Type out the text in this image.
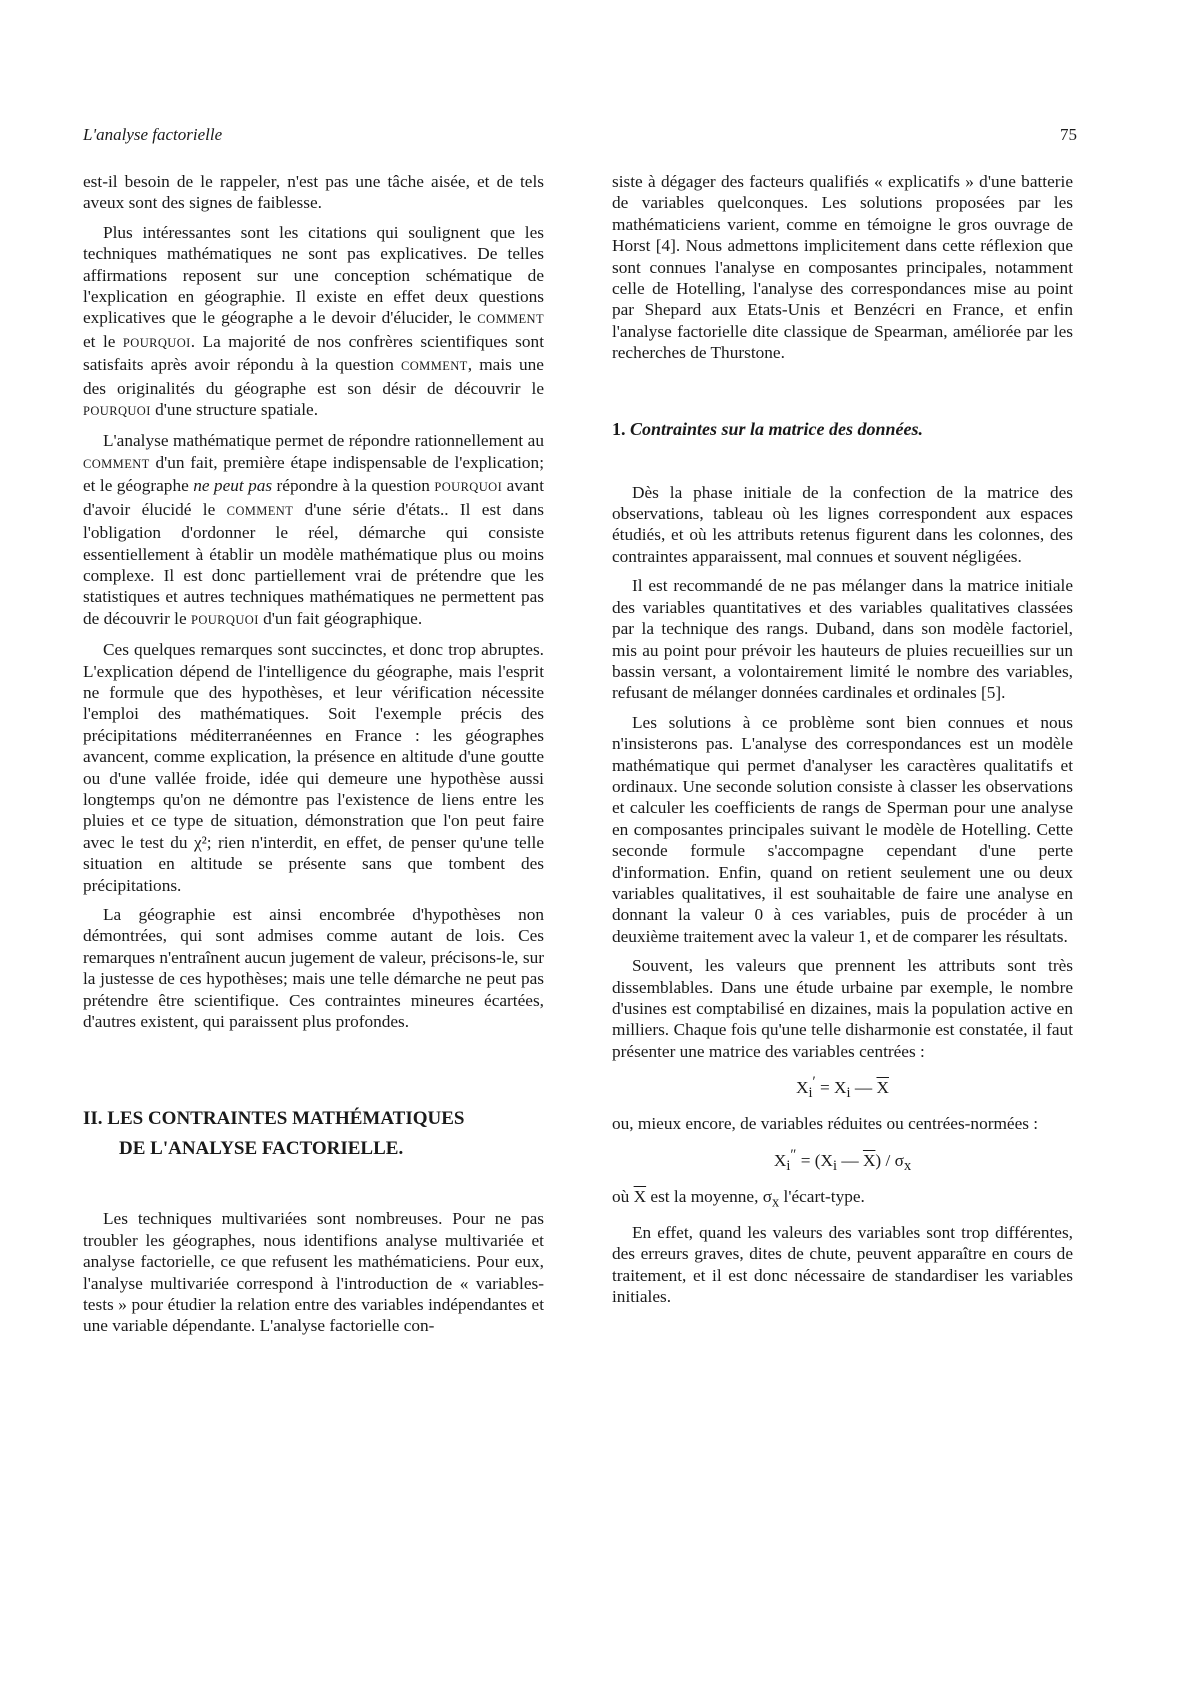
L'analyse factorielle	75

est-il besoin de le rappeler, n'est pas une tâche aisée, et de tels aveux sont des signes de faiblesse.

Plus intéressantes sont les citations qui soulignent que les techniques mathématiques ne sont pas explicatives. De telles affirmations reposent sur une conception schématique de l'explication en géographie. Il existe en effet deux questions explicatives que le géographe a le devoir d'élucider, le COMMENT et le POURQUOI. La majorité de nos confrères scientifiques sont satisfaits après avoir répondu à la question COMMENT, mais une des originalités du géographe est son désir de découvrir le POURQUOI d'une structure spatiale.

L'analyse mathématique permet de répondre rationnellement au COMMENT d'un fait, première étape indispensable de l'explication; et le géographe ne peut pas répondre à la question POURQUOI avant d'avoir élucidé le COMMENT d'une série d'états.. Il est dans l'obligation d'ordonner le réel, démarche qui consiste essentiellement à établir un modèle mathématique plus ou moins complexe. Il est donc partiellement vrai de prétendre que les statistiques et autres techniques mathématiques ne permettent pas de découvrir le POURQUOI d'un fait géographique.

Ces quelques remarques sont succinctes, et donc trop abruptes. L'explication dépend de l'intelligence du géographe, mais l'esprit ne formule que des hypothèses, et leur vérification nécessite l'emploi des mathématiques. Soit l'exemple précis des précipitations méditerranéennes en France : les géographes avancent, comme explication, la présence en altitude d'une goutte ou d'une vallée froide, idée qui demeure une hypothèse aussi longtemps qu'on ne démontre pas l'existence de liens entre les pluies et ce type de situation, démonstration que l'on peut faire avec le test du χ²; rien n'interdit, en effet, de penser qu'une telle situation en altitude se présente sans que tombent des précipitations.

La géographie est ainsi encombrée d'hypothèses non démontrées, qui sont admises comme autant de lois. Ces remarques n'entraînent aucun jugement de valeur, précisons-le, sur la justesse de ces hypothèses; mais une telle démarche ne peut pas prétendre être scientifique. Ces contraintes mineures écartées, d'autres existent, qui paraissent plus profondes.

II. LES CONTRAINTES MATHÉMATIQUES
DE L'ANALYSE FACTORIELLE.

Les techniques multivariées sont nombreuses. Pour ne pas troubler les géographes, nous identifions analyse multivariée et analyse factorielle, ce que refusent les mathématiciens. Pour eux, l'analyse multivariée correspond à l'introduction de « variables-tests » pour étudier la relation entre des variables indépendantes et une variable dépendante. L'analyse factorielle con-

siste à dégager des facteurs qualifiés « explicatifs » d'une batterie de variables quelconques. Les solutions proposées par les mathématiciens varient, comme en témoigne le gros ouvrage de Horst [4]. Nous admettons implicitement dans cette réflexion que sont connues l'analyse en composantes principales, notamment celle de Hotelling, l'analyse des correspondances mise au point par Shepard aux Etats-Unis et Benzécri en France, et enfin l'analyse factorielle dite classique de Spearman, améliorée par les recherches de Thurstone.

1. Contraintes sur la matrice des données.

Dès la phase initiale de la confection de la matrice des observations, tableau où les lignes correspondent aux espaces étudiés, et où les attributs retenus figurent dans les colonnes, des contraintes apparaissent, mal connues et souvent négligées.

Il est recommandé de ne pas mélanger dans la matrice initiale des variables quantitatives et des variables qualitatives classées par la technique des rangs. Duband, dans son modèle factoriel, mis au point pour prévoir les hauteurs de pluies recueillies sur un bassin versant, a volontairement limité le nombre des variables, refusant de mélanger données cardinales et ordinales [5].

Les solutions à ce problème sont bien connues et nous n'insisterons pas. L'analyse des correspondances est un modèle mathématique qui permet d'analyser les caractères qualitatifs et ordinaux. Une seconde solution consiste à classer les observations et calculer les coefficients de rangs de Sperman pour une analyse en composantes principales suivant le modèle de Hotelling. Cette seconde formule s'accompagne cependant d'une perte d'information. Enfin, quand on retient seulement une ou deux variables qualitatives, il est souhaitable de faire une analyse en donnant la valeur 0 à ces variables, puis de procéder à un deuxième traitement avec la valeur 1, et de comparer les résultats.

Souvent, les valeurs que prennent les attributs sont très dissemblables. Dans une étude urbaine par exemple, le nombre d'usines est comptabilisé en dizaines, mais la population active en milliers. Chaque fois qu'une telle disharmonie est constatée, il faut présenter une matrice des variables centrées :

$X_i' = X_i$ — $\overline{X}$

ou, mieux encore, de variables réduites ou centrées-normées :

$X_i'' = (X_i$ — $\overline{X}) / \sigma_x$

où $\overline{X}$ est la moyenne, $\sigma_x$ l'écart-type.

En effet, quand les valeurs des variables sont trop différentes, des erreurs graves, dites de chute, peuvent apparaître en cours de traitement, et il est donc nécessaire de standardiser les variables initiales.
